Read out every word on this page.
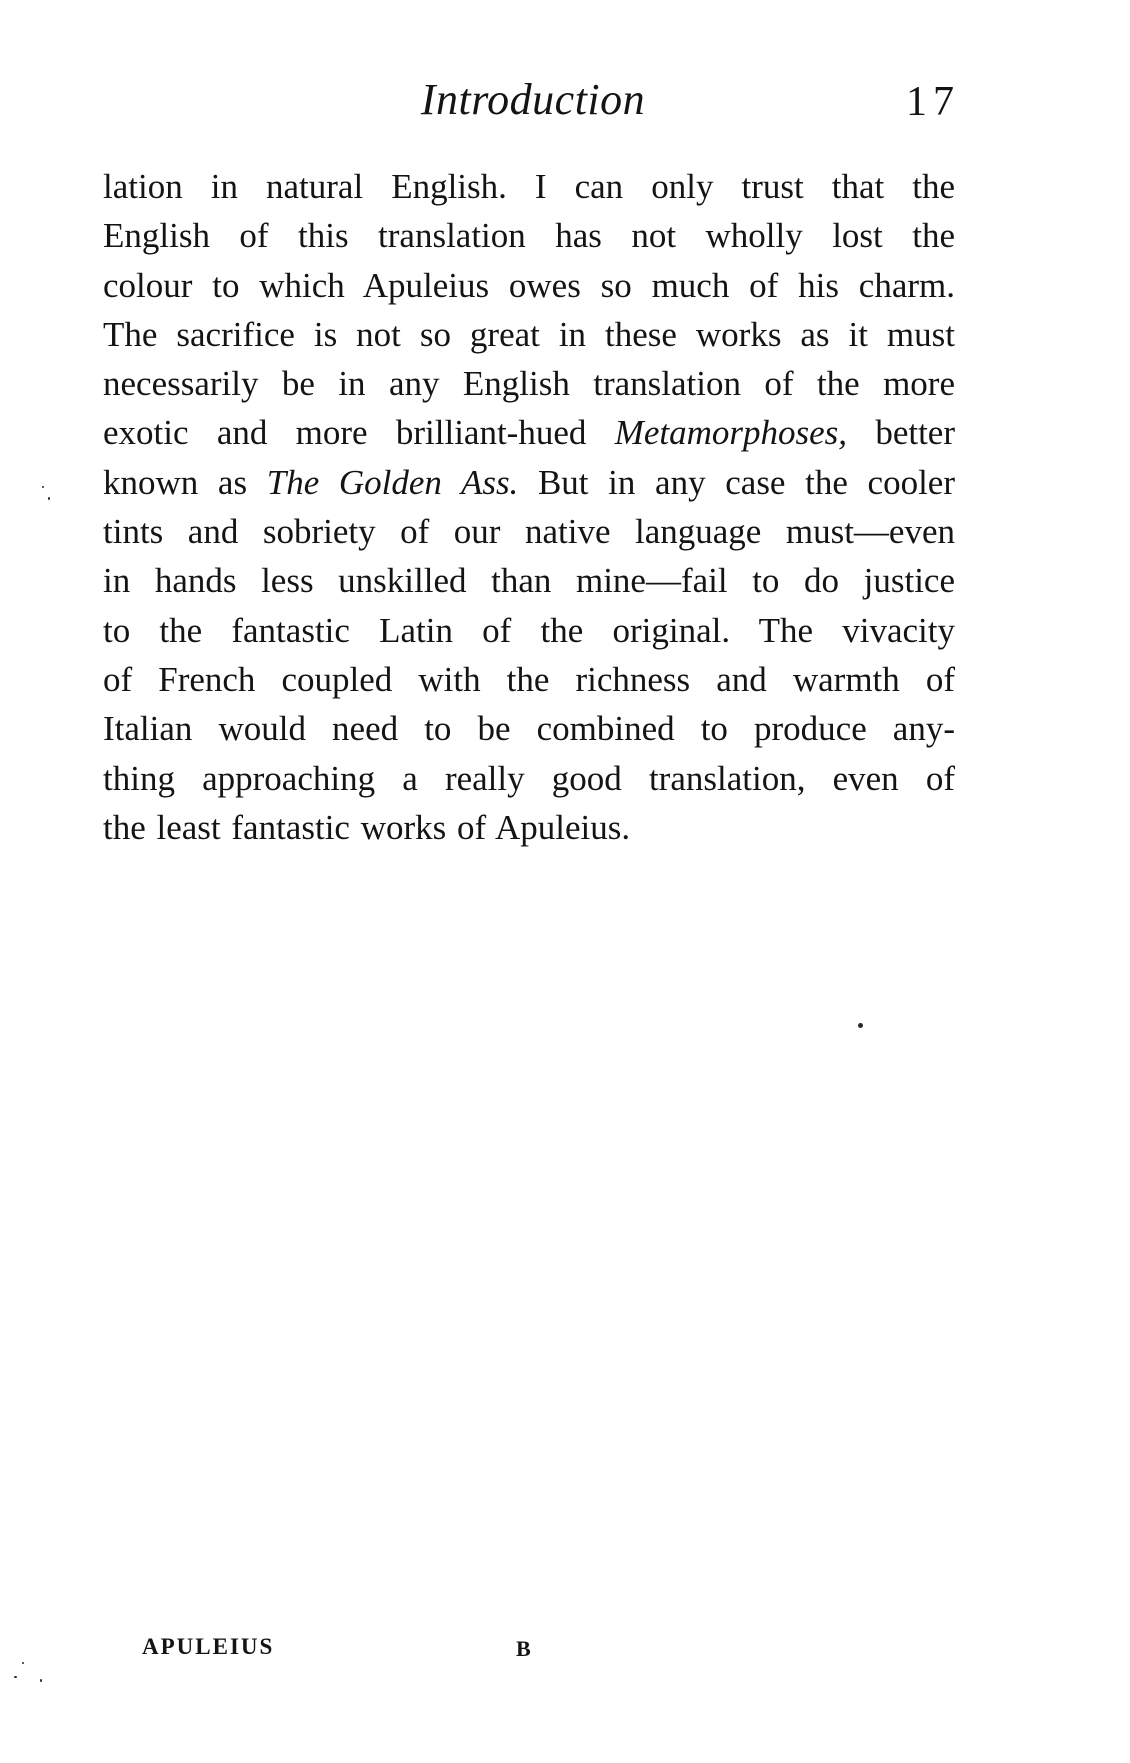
Introduction	17
lation in natural English. I can only trust that the
English of this translation has not wholly lost the
colour to which Apuleius owes so much of his charm.
The sacrifice is not so great in these works as it must
necessarily be in any English translation of the more
exotic and more brilliant-hued Metamorphoses, better
known as The Golden Ass. But in any case the cooler
tints and sobriety of our native language must—even
in hands less unskilled than mine—fail to do justice
to the fantastic Latin of the original. The vivacity
of French coupled with the richness and warmth of
Italian would need to be combined to produce any-
thing approaching a really good translation, even of
the least fantastic works of Apuleius.
APULEIUS	B
